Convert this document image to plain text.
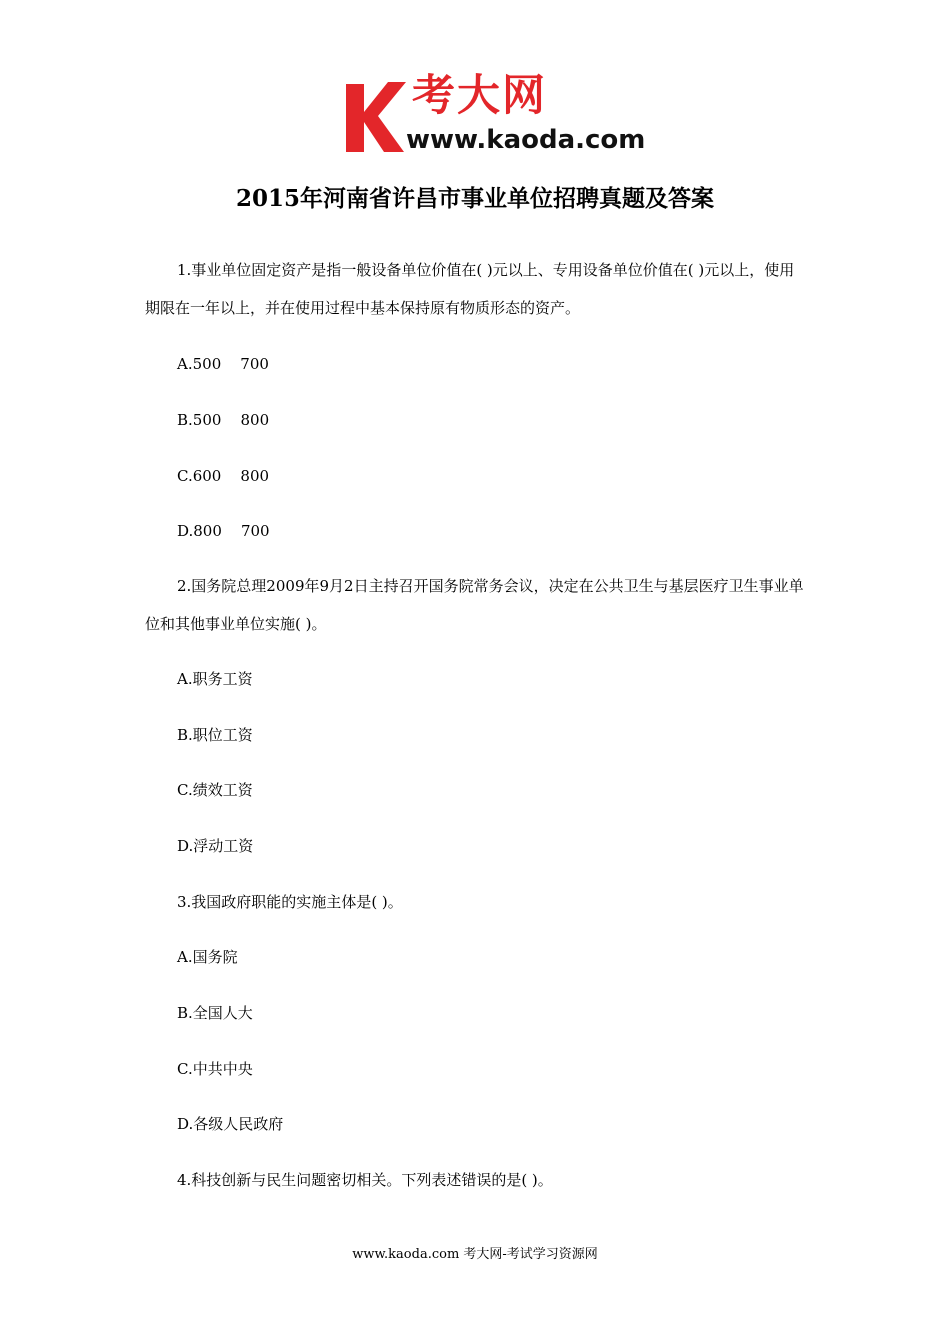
考大网
www.kaoda.com
2015年河南省许昌市事业单位招聘真题及答案

1.事业单位固定资产是指一般设备单位价值在( )元以上、专用设备单位价值在( )元以上，使用期限在一年以上，并在使用过程中基本保持原有物质形态的资产。

A.500    700

B.500    800

C.600    800

D.800    700

2.国务院总理2009年9月2日主持召开国务院常务会议，决定在公共卫生与基层医疗卫生事业单位和其他事业单位实施( )。

A.职务工资

B.职位工资

C.绩效工资

D.浮动工资

3.我国政府职能的实施主体是( )。

A.国务院

B.全国人大

C.中共中央

D.各级人民政府

4.科技创新与民生问题密切相关。下列表述错误的是( )。

www.kaoda.com 考大网-考试学习资源网
